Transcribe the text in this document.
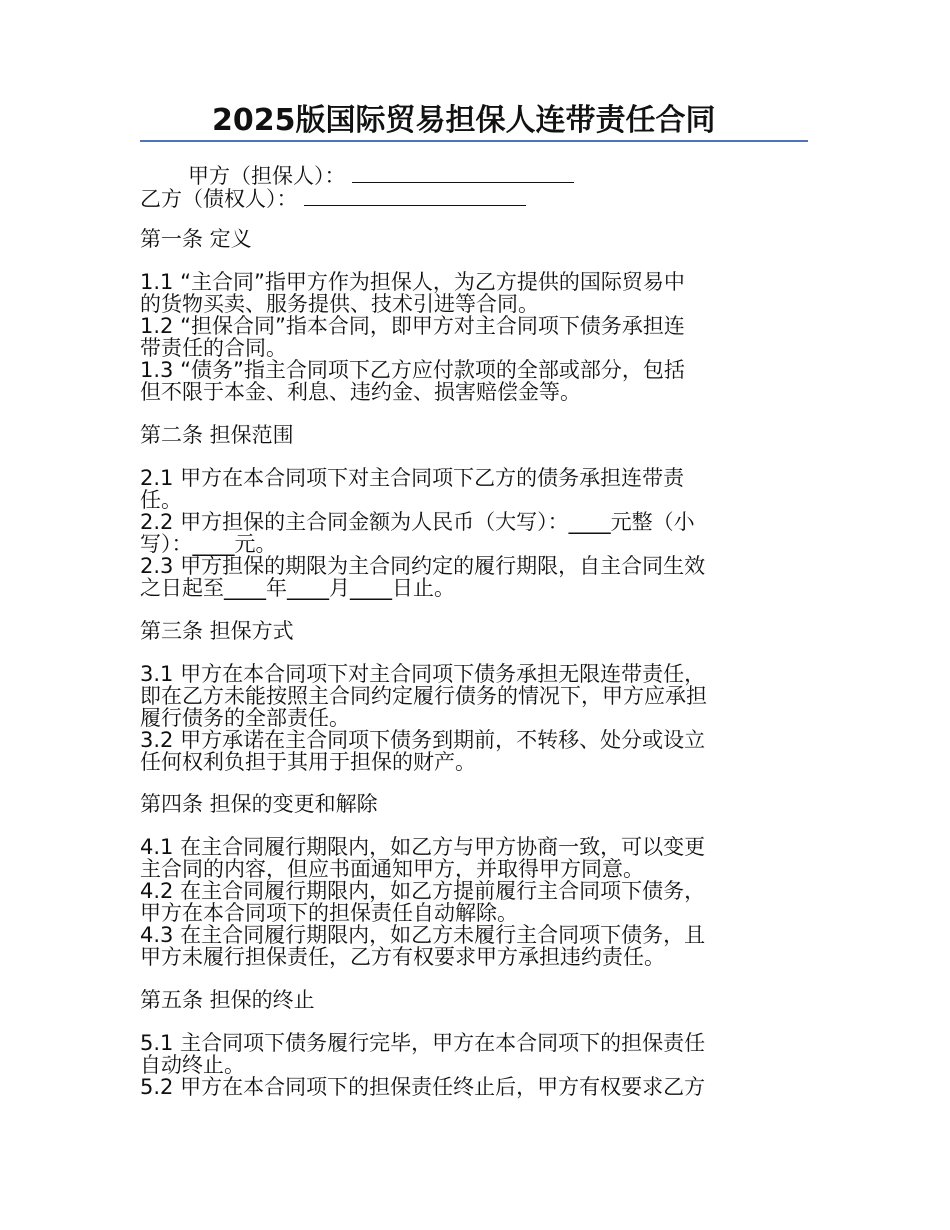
2025版国际贸易担保人连带责任合同
甲方（担保人）：
乙方（债权人）：
第一条 定义
1.1 “主合同”指甲方作为担保人，为乙方提供的国际贸易中
的货物买卖、服务提供、技术引进等合同。
1.2 “担保合同”指本合同，即甲方对主合同项下债务承担连
带责任的合同。
1.3 “债务”指主合同项下乙方应付款项的全部或部分，包括
但不限于本金、利息、违约金、损害赔偿金等。
第二条 担保范围
2.1 甲方在本合同项下对主合同项下乙方的债务承担连带责
任。
2.2 甲方担保的主合同金额为人民币（大写）：____元整（小
写）：____元。
2.3 甲方担保的期限为主合同约定的履行期限，自主合同生效
之日起至____年____月____日止。
第三条 担保方式
3.1 甲方在本合同项下对主合同项下债务承担无限连带责任，
即在乙方未能按照主合同约定履行债务的情况下，甲方应承担
履行债务的全部责任。
3.2 甲方承诺在主合同项下债务到期前，不转移、处分或设立
任何权利负担于其用于担保的财产。
第四条 担保的变更和解除
4.1 在主合同履行期限内，如乙方与甲方协商一致，可以变更
主合同的内容，但应书面通知甲方，并取得甲方同意。
4.2 在主合同履行期限内，如乙方提前履行主合同项下债务，
甲方在本合同项下的担保责任自动解除。
4.3 在主合同履行期限内，如乙方未履行主合同项下债务，且
甲方未履行担保责任，乙方有权要求甲方承担违约责任。
第五条 担保的终止
5.1 主合同项下债务履行完毕，甲方在本合同项下的担保责任
自动终止。
5.2 甲方在本合同项下的担保责任终止后，甲方有权要求乙方
